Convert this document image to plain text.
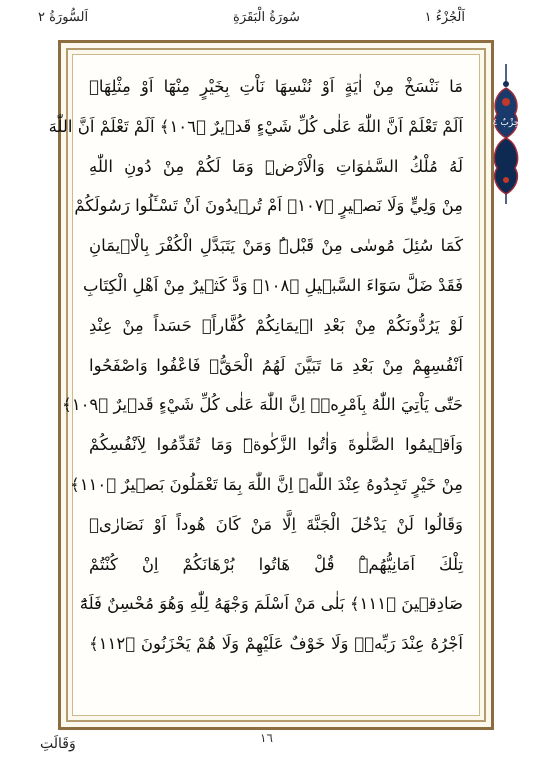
اَلسُّورَةُ ٢	سُورَةُ الْبَقَرَةِ	اَلْجُزْءُ ١
مَا نَنْسَخْ مِنْ اٰيَةٍ اَوْ نُنْسِهَا نَاْتِ بِخَيْرٍ مِنْهَٓا اَوْ مِثْلِهَاۜ
اَلَمْ تَعْلَمْ اَنَّ اللّٰهَ عَلٰى كُلِّ شَيْءٍ قَد۪يرٌ ﴿١٠٦﴾ اَلَمْ تَعْلَمْ اَنَّ اللّٰهَ
لَهُ مُلْكُ السَّمٰوَاتِ وَالْاَرْضِۜ وَمَا لَكُمْ مِنْ دُونِ اللّٰهِ
مِنْ وَلِيٍّ وَلَا نَص۪يرٍ ﴿١٠٧﴾ اَمْ تُر۪يدُونَ اَنْ تَسْـَٔلُوا رَسُولَكُمْ
كَمَا سُئِلَ مُوسٰى مِنْ قَبْلُۜ وَمَنْ يَتَبَدَّلِ الْكُفْرَ بِالْا۪يمَانِ
فَقَدْ ضَلَّ سَوَٓاءَ السَّب۪يلِ ﴿١٠٨﴾ وَدَّ كَث۪يرٌ مِنْ اَهْلِ الْكِتَابِ
لَوْ يَرُدُّونَكُمْ مِنْ بَعْدِ ا۪يمَانِكُمْ كُفَّاراًۚ حَسَداً مِنْ عِنْدِ
اَنْفُسِهِمْ مِنْ بَعْدِ مَا تَبَيَّنَ لَهُمُ الْحَقُّۚ فَاعْفُوا وَاصْفَحُوا
حَتّٰى يَاْتِيَ اللّٰهُ بِاَمْرِه۪ۜ اِنَّ اللّٰهَ عَلٰى كُلِّ شَيْءٍ قَد۪يرٌ ﴿١٠٩﴾
وَاَق۪يمُوا الصَّلٰوةَ وَاٰتُوا الزَّكٰوةَۜ وَمَا تُقَدِّمُوا لِاَنْفُسِكُمْ
مِنْ خَيْرٍ تَجِدُوهُ عِنْدَ اللّٰهِۜ اِنَّ اللّٰهَ بِمَا تَعْمَلُونَ بَص۪يرٌ ﴿١١٠﴾
وَقَالُوا لَنْ يَدْخُلَ الْجَنَّةَ اِلَّا مَنْ كَانَ هُوداً اَوْ نَصَارٰىۜ
تِلْكَ اَمَانِيُّهُمْۜ قُلْ هَاتُوا بُرْهَانَكُمْ اِنْ كُنْتُمْ
صَادِق۪ينَ ﴿١١١﴾ بَلٰى مَنْ اَسْلَمَ وَجْهَهُ لِلّٰهِ وَهُوَ مُحْسِنٌ فَلَهُٓ
اَجْرُهُ عِنْدَ رَبِّه۪ۖ وَلَا خَوْفٌ عَلَيْهِمْ وَلَا هُمْ يَحْزَنُونَ ﴿١١٢﴾
حِزْبٌ ٤
وَقَالَتِ	١٦
